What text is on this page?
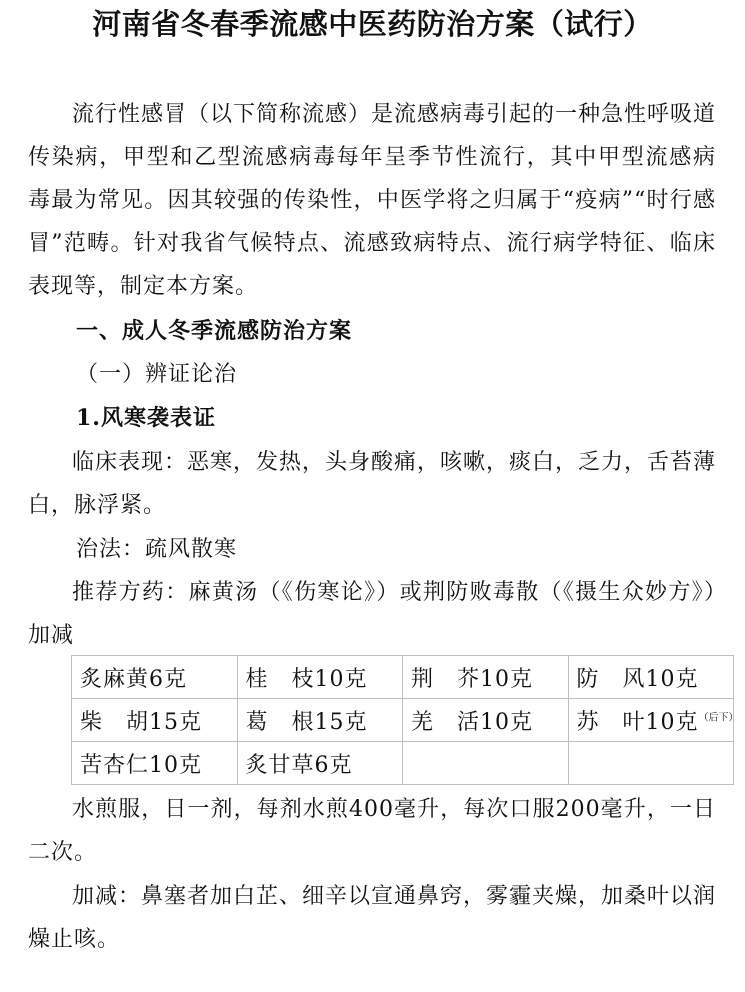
河南省冬春季流感中医药防治方案（试行）

流行性感冒（以下简称流感）是流感病毒引起的一种急性呼吸道传染病，甲型和乙型流感病毒每年呈季节性流行，其中甲型流感病毒最为常见。因其较强的传染性，中医学将之归属于“疫病”“时行感冒”范畴。针对我省气候特点、流感致病特点、流行病学特征、临床表现等，制定本方案。

一、成人冬季流感防治方案
（一）辨证论治
1.风寒袭表证

临床表现：恶寒，发热，头身酸痛，咳嗽，痰白，乏力，舌苔薄白，脉浮紧。

治法：疏风散寒

推荐方药：麻黄汤（《伤寒论》）或荆防败毒散（《摄生众妙方》）加减

炙麻黄6克	桂　枝10克	荆　芥10克	防　风10克
柴　胡15克	葛　根15克	羌　活10克	苏　叶10克$^{(后下)}$
苦杏仁10克	炙甘草6克		

水煎服，日一剂，每剂水煎400毫升，每次口服200毫升，一日二次。

加减：鼻塞者加白芷、细辛以宣通鼻窍，雾霾夹燥，加桑叶以润燥止咳。
